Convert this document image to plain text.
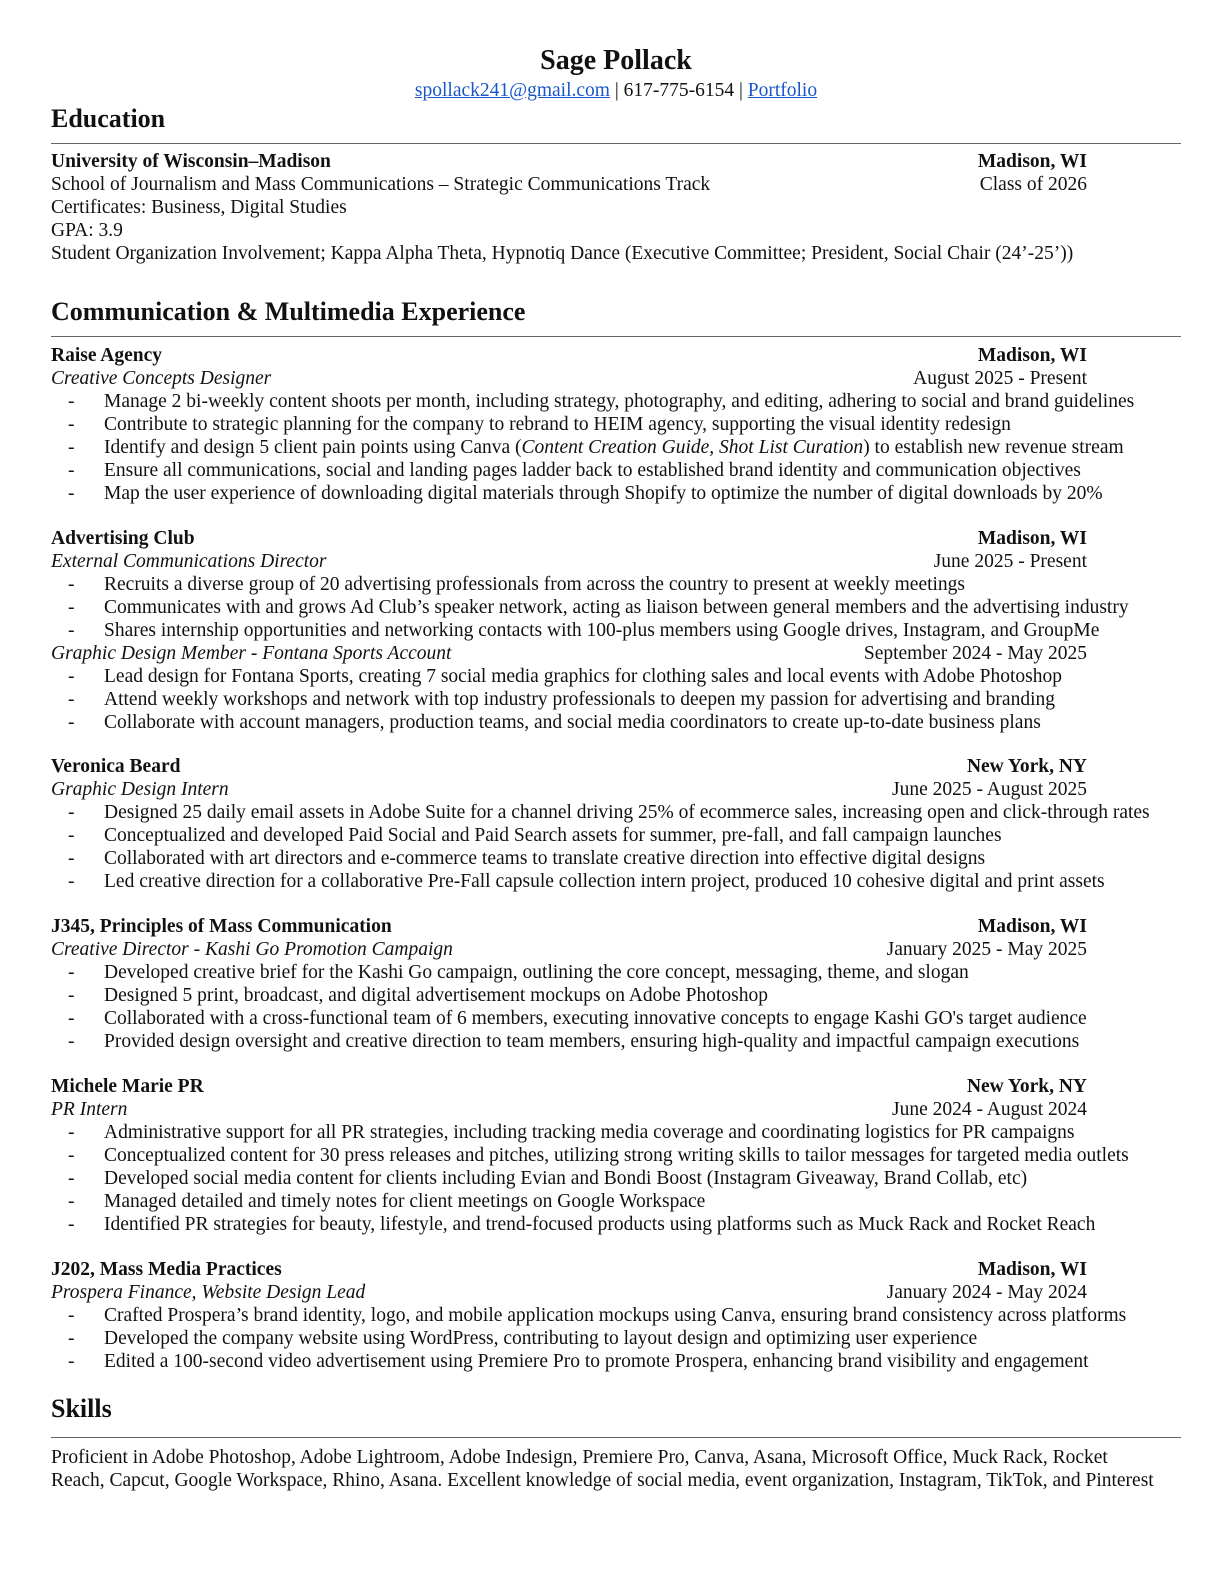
Sage Pollack
spollack241@gmail.com | 617-775-6154 | Portfolio
Education
University of Wisconsin–Madison	Madison, WI
School of Journalism and Mass Communications – Strategic Communications Track	Class of 2026
Certificates: Business, Digital Studies
GPA: 3.9
Student Organization Involvement; Kappa Alpha Theta, Hypnotiq Dance (Executive Committee; President, Social Chair (24’-25’))
Communication & Multimedia Experience
Raise Agency	Madison, WI
Creative Concepts Designer	August 2025 - Present
- Manage 2 bi-weekly content shoots per month, including strategy, photography, and editing, adhering to social and brand guidelines
- Contribute to strategic planning for the company to rebrand to HEIM agency, supporting the visual identity redesign
- Identify and design 5 client pain points using Canva (Content Creation Guide, Shot List Curation) to establish new revenue stream
- Ensure all communications, social and landing pages ladder back to established brand identity and communication objectives
- Map the user experience of downloading digital materials through Shopify to optimize the number of digital downloads by 20%
Advertising Club	Madison, WI
External Communications Director	June 2025 - Present
- Recruits a diverse group of 20 advertising professionals from across the country to present at weekly meetings
- Communicates with and grows Ad Club’s speaker network, acting as liaison between general members and the advertising industry
- Shares internship opportunities and networking contacts with 100-plus members using Google drives, Instagram, and GroupMe
Graphic Design Member - Fontana Sports Account	September 2024 - May 2025
- Lead design for Fontana Sports, creating 7 social media graphics for clothing sales and local events with Adobe Photoshop
- Attend weekly workshops and network with top industry professionals to deepen my passion for advertising and branding
- Collaborate with account managers, production teams, and social media coordinators to create up-to-date business plans
Veronica Beard	New York, NY
Graphic Design Intern	June 2025 - August 2025
- Designed 25 daily email assets in Adobe Suite for a channel driving 25% of ecommerce sales, increasing open and click-through rates
- Conceptualized and developed Paid Social and Paid Search assets for summer, pre-fall, and fall campaign launches
- Collaborated with art directors and e-commerce teams to translate creative direction into effective digital designs
- Led creative direction for a collaborative Pre-Fall capsule collection intern project, produced 10 cohesive digital and print assets
J345, Principles of Mass Communication	Madison, WI
Creative Director - Kashi Go Promotion Campaign	January 2025 - May 2025
- Developed creative brief for the Kashi Go campaign, outlining the core concept, messaging, theme, and slogan
- Designed 5 print, broadcast, and digital advertisement mockups on Adobe Photoshop
- Collaborated with a cross-functional team of 6 members, executing innovative concepts to engage Kashi GO's target audience
- Provided design oversight and creative direction to team members, ensuring high-quality and impactful campaign executions
Michele Marie PR	New York, NY
PR Intern	June 2024 - August 2024
- Administrative support for all PR strategies, including tracking media coverage and coordinating logistics for PR campaigns
- Conceptualized content for 30 press releases and pitches, utilizing strong writing skills to tailor messages for targeted media outlets
- Developed social media content for clients including Evian and Bondi Boost (Instagram Giveaway, Brand Collab, etc)
- Managed detailed and timely notes for client meetings on Google Workspace
- Identified PR strategies for beauty, lifestyle, and trend-focused products using platforms such as Muck Rack and Rocket Reach
J202, Mass Media Practices	Madison, WI
Prospera Finance, Website Design Lead	January 2024 - May 2024
- Crafted Prospera’s brand identity, logo, and mobile application mockups using Canva, ensuring brand consistency across platforms
- Developed the company website using WordPress, contributing to layout design and optimizing user experience
- Edited a 100-second video advertisement using Premiere Pro to promote Prospera, enhancing brand visibility and engagement
Skills
Proficient in Adobe Photoshop, Adobe Lightroom, Adobe Indesign, Premiere Pro, Canva, Asana, Microsoft Office, Muck Rack, Rocket Reach, Capcut, Google Workspace, Rhino, Asana. Excellent knowledge of social media, event organization, Instagram, TikTok, and Pinterest
